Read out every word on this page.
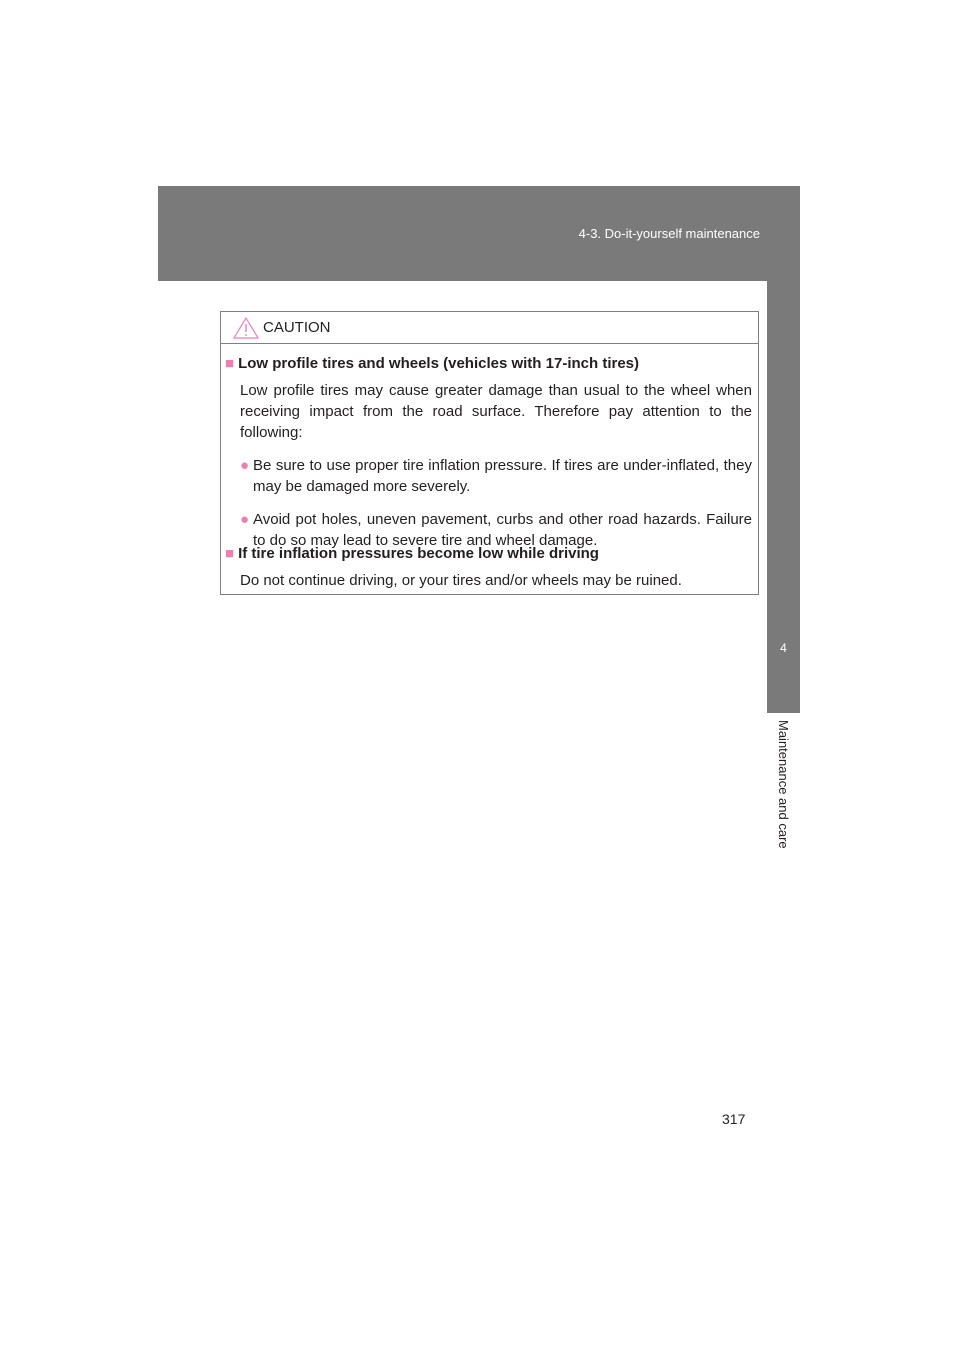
4-3. Do-it-yourself maintenance
4
Maintenance and care
CAUTION
■ Low profile tires and wheels (vehicles with 17-inch tires)
Low profile tires may cause greater damage than usual to the wheel when receiving impact from the road surface. Therefore pay attention to the following:
● Be sure to use proper tire inflation pressure. If tires are under-inflated, they may be damaged more severely.
● Avoid pot holes, uneven pavement, curbs and other road hazards. Failure to do so may lead to severe tire and wheel damage.
■ If tire inflation pressures become low while driving
Do not continue driving, or your tires and/or wheels may be ruined.
317
